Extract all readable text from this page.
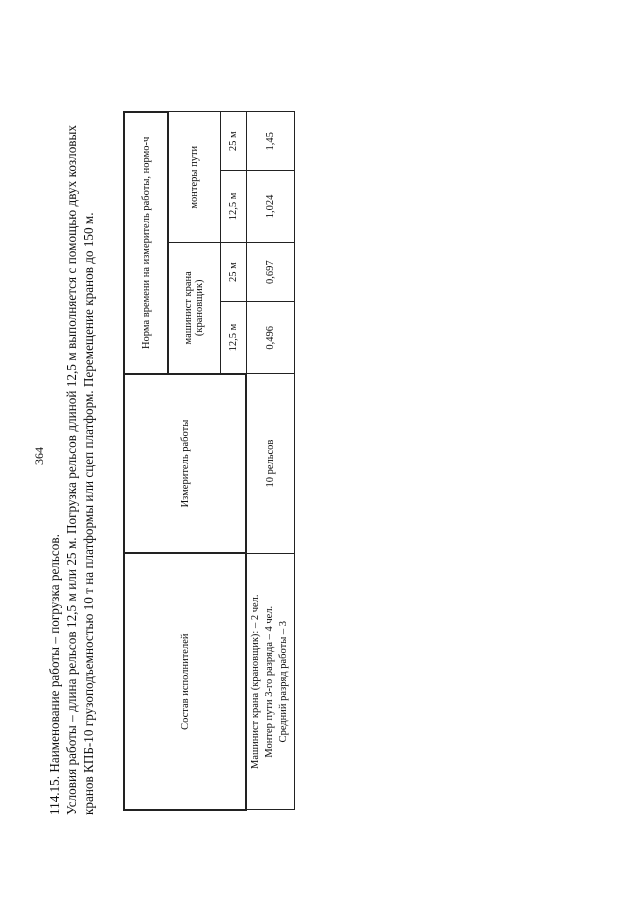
364

114.15. Наименование работы – погрузка рельсов. Условия работы – длина рельсов 12,5 м или 25 м. Погрузка рельсов длиной 12,5 м выполняется с помощью двух козловых кранов КПБ-10 грузоподъемностью 10 т на платформы или сцеп платформ. Перемещение кранов до 150 м.	Состав исполнителей	Измеритель работы	Норма времени на измеритель работы, нормо-ч			
		машинист крана (крановщик)		монтеры пути	
		12,5 м	25 м	12,5 м	25 м

Машинист крана (крановщик): – 2 чел. Монтер пути 3-го разряда – 4 чел. Средний разряд работы – 3	10 рельсов	0,496	0,697	1,024	1,45
